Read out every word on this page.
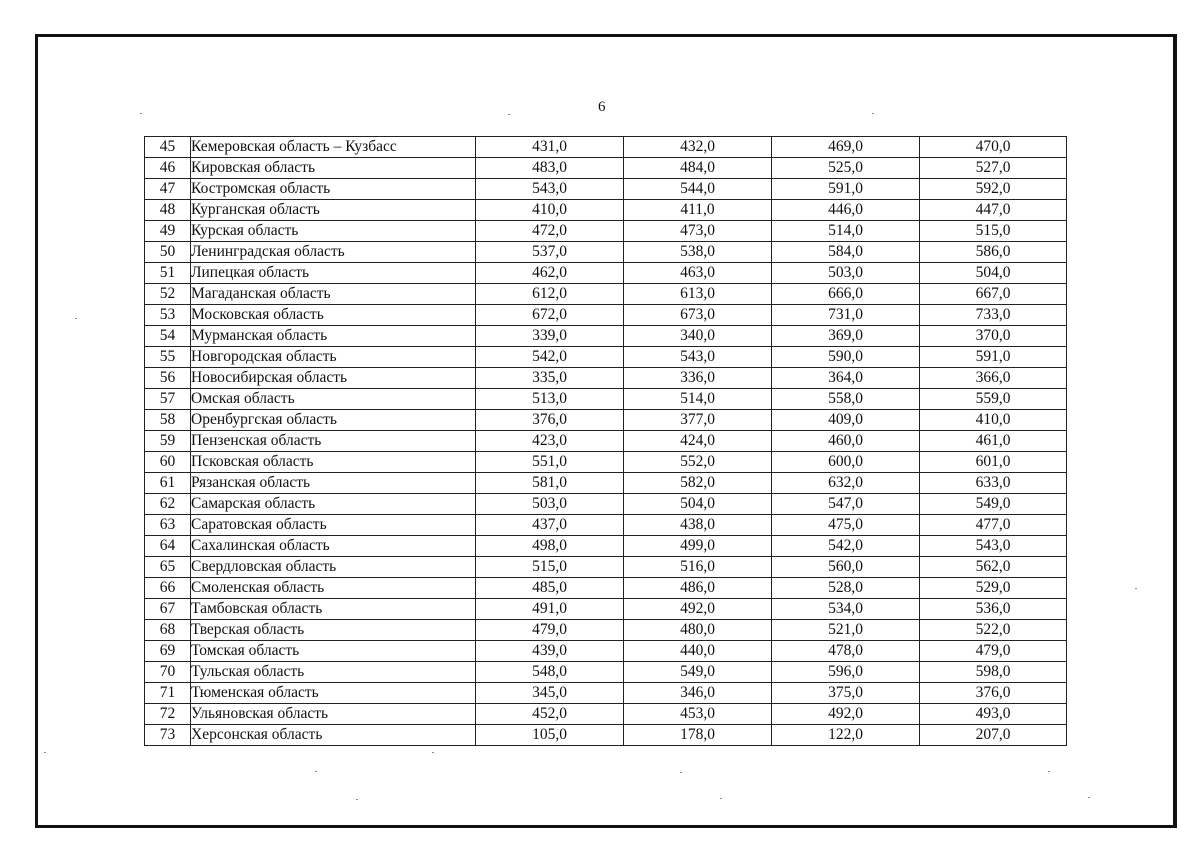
6
45	Кемеровская область – Кузбасс	431,0	432,0	469,0	470,0
46	Кировская область	483,0	484,0	525,0	527,0
47	Костромская область	543,0	544,0	591,0	592,0
48	Курганская область	410,0	411,0	446,0	447,0
49	Курская область	472,0	473,0	514,0	515,0
50	Ленинградская область	537,0	538,0	584,0	586,0
51	Липецкая область	462,0	463,0	503,0	504,0
52	Магаданская область	612,0	613,0	666,0	667,0
53	Московская область	672,0	673,0	731,0	733,0
54	Мурманская область	339,0	340,0	369,0	370,0
55	Новгородская область	542,0	543,0	590,0	591,0
56	Новосибирская область	335,0	336,0	364,0	366,0
57	Омская область	513,0	514,0	558,0	559,0
58	Оренбургская область	376,0	377,0	409,0	410,0
59	Пензенская область	423,0	424,0	460,0	461,0
60	Псковская область	551,0	552,0	600,0	601,0
61	Рязанская область	581,0	582,0	632,0	633,0
62	Самарская область	503,0	504,0	547,0	549,0
63	Саратовская область	437,0	438,0	475,0	477,0
64	Сахалинская область	498,0	499,0	542,0	543,0
65	Свердловская область	515,0	516,0	560,0	562,0
66	Смоленская область	485,0	486,0	528,0	529,0
67	Тамбовская область	491,0	492,0	534,0	536,0
68	Тверская область	479,0	480,0	521,0	522,0
69	Томская область	439,0	440,0	478,0	479,0
70	Тульская область	548,0	549,0	596,0	598,0
71	Тюменская область	345,0	346,0	375,0	376,0
72	Ульяновская область	452,0	453,0	492,0	493,0
73	Херсонская область	105,0	178,0	122,0	207,0
